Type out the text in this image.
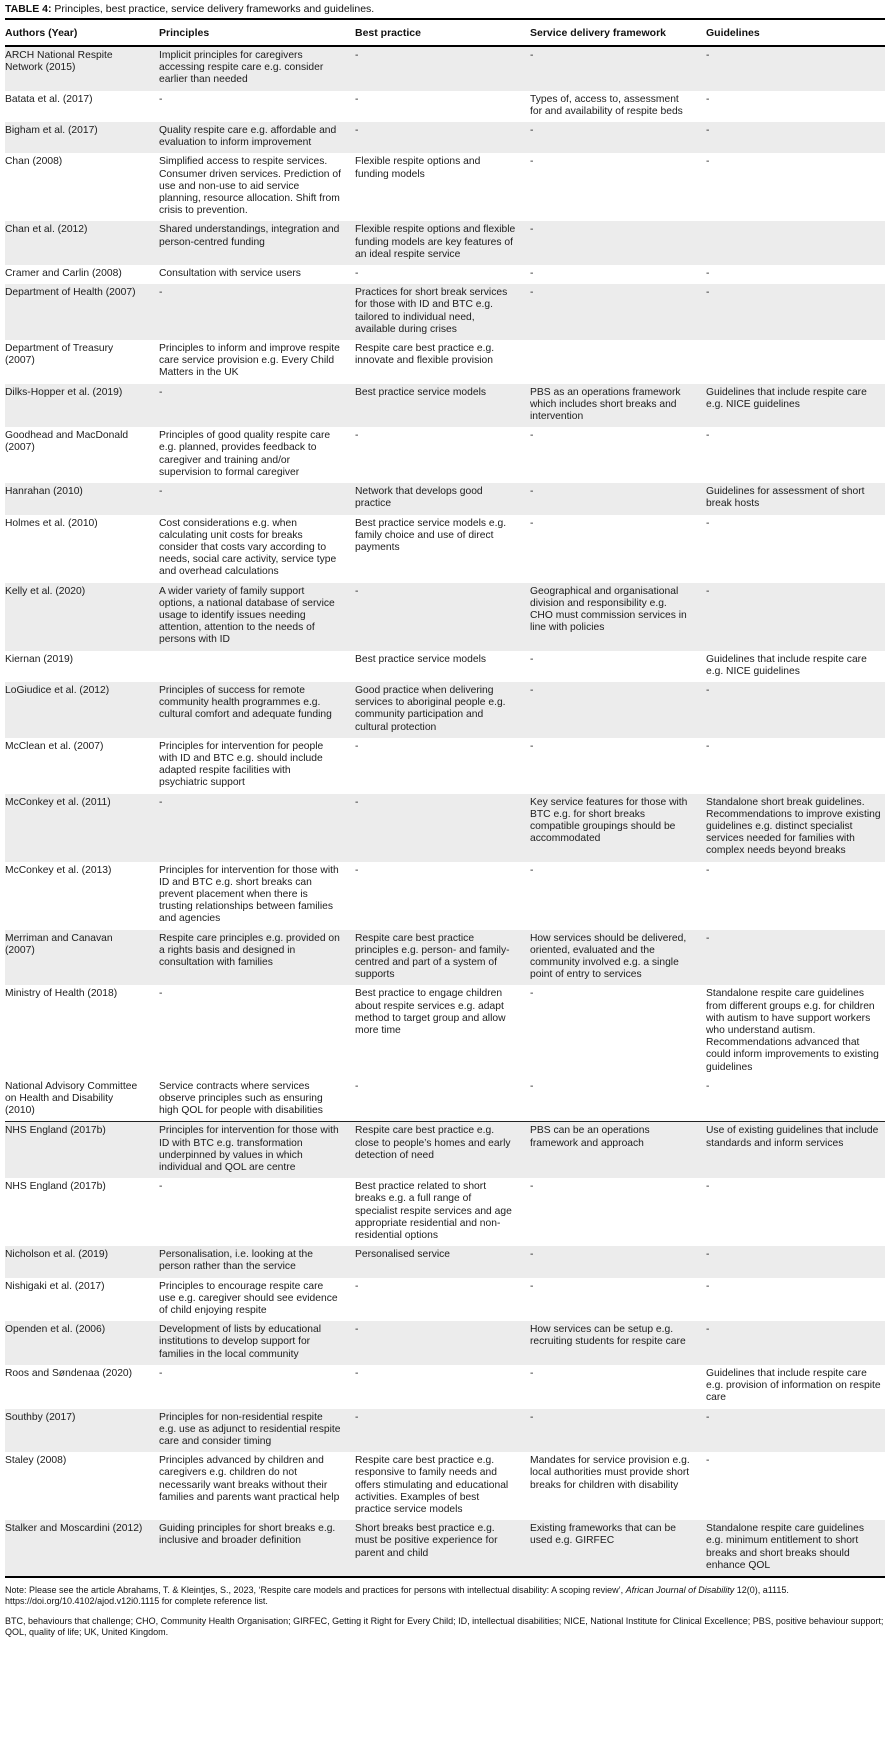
TABLE 4: Principles, best practice, service delivery frameworks and guidelines.
Authors (Year)	Principles	Best practice	Service delivery framework	Guidelines
ARCH National Respite Network (2015)	Implicit principles for caregivers accessing respite care e.g. consider earlier than needed	-	-	-
Batata et al. (2017)	-	-	Types of, access to, assessment for and availability of respite beds	-
Bigham et al. (2017)	Quality respite care e.g. affordable and evaluation to inform improvement	-	-	-
Chan (2008)	Simplified access to respite services. Consumer driven services. Prediction of use and non-use to aid service planning, resource allocation. Shift from crisis to prevention.	Flexible respite options and funding models	-	-
Chan et al. (2012)	Shared understandings, integration and person-centred funding	Flexible respite options and flexible funding models are key features of an ideal respite service	-	
Cramer and Carlin (2008)	Consultation with service users	-	-	-
Department of Health (2007)	-	Practices for short break services for those with ID and BTC e.g. tailored to individual need, available during crises	-	-
Department of Treasury (2007)	Principles to inform and improve respite care service provision e.g. Every Child Matters in the UK	Respite care best practice e.g. innovate and flexible provision		
Dilks-Hopper et al. (2019)	-	Best practice service models	PBS as an operations framework which includes short breaks and intervention	Guidelines that include respite care e.g. NICE guidelines
Goodhead and MacDonald (2007)	Principles of good quality respite care e.g. planned, provides feedback to caregiver and training and/or supervision to formal caregiver	-	-	-
Hanrahan (2010)	-	Network that develops good practice	-	Guidelines for assessment of short break hosts
Holmes et al. (2010)	Cost considerations e.g. when calculating unit costs for breaks consider that costs vary according to needs, social care activity, service type and overhead calculations	Best practice service models e.g. family choice and use of direct payments	-	-
Kelly et al. (2020)	A wider variety of family support options, a national database of service usage to identify issues needing attention, attention to the needs of persons with ID	-	Geographical and organisational division and responsibility e.g. CHO must commission services in line with policies	-
Kiernan (2019)		Best practice service models	-	Guidelines that include respite care e.g. NICE guidelines
LoGiudice et al. (2012)	Principles of success for remote community health programmes e.g. cultural comfort and adequate funding	Good practice when delivering services to aboriginal people e.g. community participation and cultural protection	-	-
McClean et al. (2007)	Principles for intervention for people with ID and BTC e.g. should include adapted respite facilities with psychiatric support	-	-	-
McConkey et al. (2011)	-	-	Key service features for those with BTC e.g. for short breaks compatible groupings should be accommodated	Standalone short break guidelines. Recommendations to improve existing guidelines e.g. distinct specialist services needed for families with complex needs beyond breaks
McConkey et al. (2013)	Principles for intervention for those with ID and BTC e.g. short breaks can prevent placement when there is trusting relationships between families and agencies	-	-	-
Merriman and Canavan (2007)	Respite care principles e.g. provided on a rights basis and designed in consultation with families	Respite care best practice principles e.g. person- and family-centred and part of a system of supports	How services should be delivered, oriented, evaluated and the community involved e.g. a single point of entry to services	-
Ministry of Health (2018)	-	Best practice to engage children about respite services e.g. adapt method to target group and allow more time	-	Standalone respite care guidelines from different groups e.g. for children with autism to have support workers who understand autism. Recommendations advanced that could inform improvements to existing guidelines
National Advisory Committee on Health and Disability (2010)	Service contracts where services observe principles such as ensuring high QOL for people with disabilities	-	-	-
NHS England (2017b)	Principles for intervention for those with ID with BTC e.g. transformation underpinned by values in which individual and QOL are centre	Respite care best practice e.g. close to people’s homes and early detection of need	PBS can be an operations framework and approach	Use of existing guidelines that include standards and inform services
NHS England (2017b)	-	Best practice related to short breaks e.g. a full range of specialist respite services and age appropriate residential and non-residential options	-	-
Nicholson et al. (2019)	Personalisation, i.e. looking at the person rather than the service	Personalised service	-	-
Nishigaki et al. (2017)	Principles to encourage respite care use e.g. caregiver should see evidence of child enjoying respite	-	-	-
Openden et al. (2006)	Development of lists by educational institutions to develop support for families in the local community	-	How services can be setup e.g. recruiting students for respite care	-
Roos and Søndenaa (2020)	-	-	-	Guidelines that include respite care e.g. provision of information on respite care
Southby (2017)	Principles for non-residential respite e.g. use as adjunct to residential respite care and consider timing	-	-	-
Staley (2008)	Principles advanced by children and caregivers e.g. children do not necessarily want breaks without their families and parents want practical help	Respite care best practice e.g. responsive to family needs and offers stimulating and educational activities. Examples of best practice service models	Mandates for service provision e.g. local authorities must provide short breaks for children with disability	-
Stalker and Moscardini (2012)	Guiding principles for short breaks e.g. inclusive and broader definition	Short breaks best practice e.g. must be positive experience for parent and child	Existing frameworks that can be used e.g. GIRFEC	Standalone respite care guidelines e.g. minimum entitlement to short breaks and short breaks should enhance QOL

Note: Please see the article Abrahams, T. & Kleintjes, S., 2023, ‘Respite care models and practices for persons with intellectual disability: A scoping review’, African Journal of Disability 12(0), a1115. https://doi.org/10.4102/ajod.v12i0.1115 for complete reference list.

BTC, behaviours that challenge; CHO, Community Health Organisation; GIRFEC, Getting it Right for Every Child; ID, intellectual disabilities; NICE, National Institute for Clinical Excellence; PBS, positive behaviour support; QOL, quality of life; UK, United Kingdom.
